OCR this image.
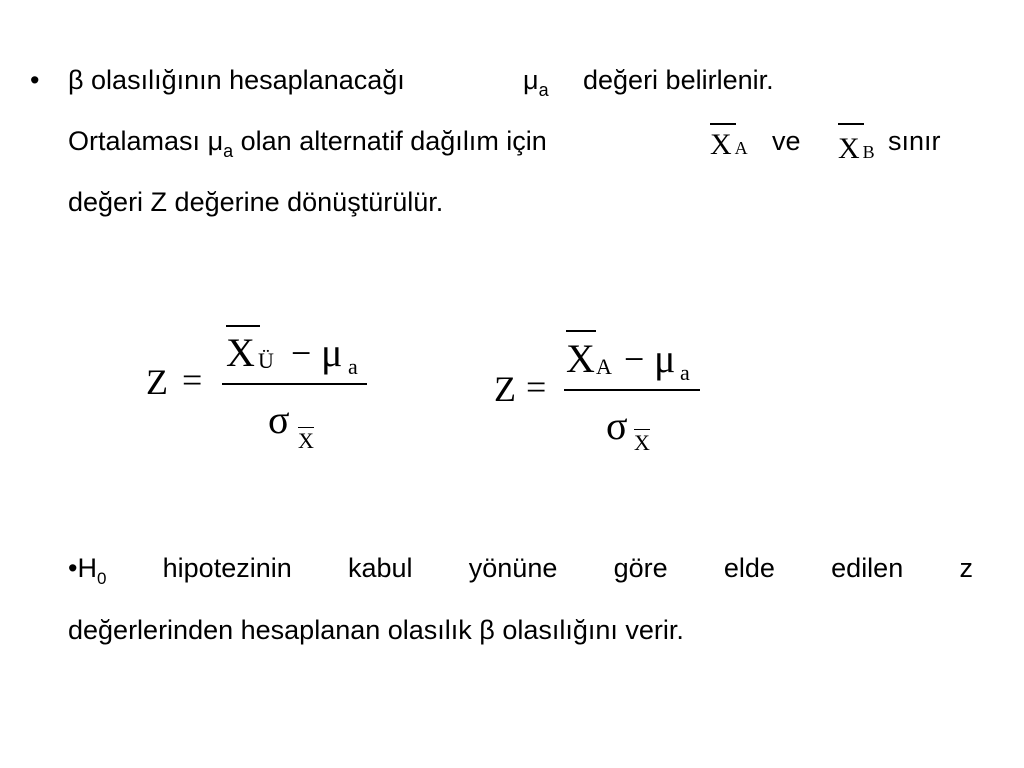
• β olasılığının hesaplanacağı	$\mu_a$ değeri belirlenir.
Ortalaması $\mu_a$ olan alternatif dağılım için	X A ve X B sınır
değeri Z değerine dönüştürülür.
Z =
X Ü − μ a
σ X
Z =
X A − μ a
σ X
$•H_0$ hipotezinin kabul yönüne göre elde edilen z
değerlerinden hesaplanan olasılık β olasılığını verir.
